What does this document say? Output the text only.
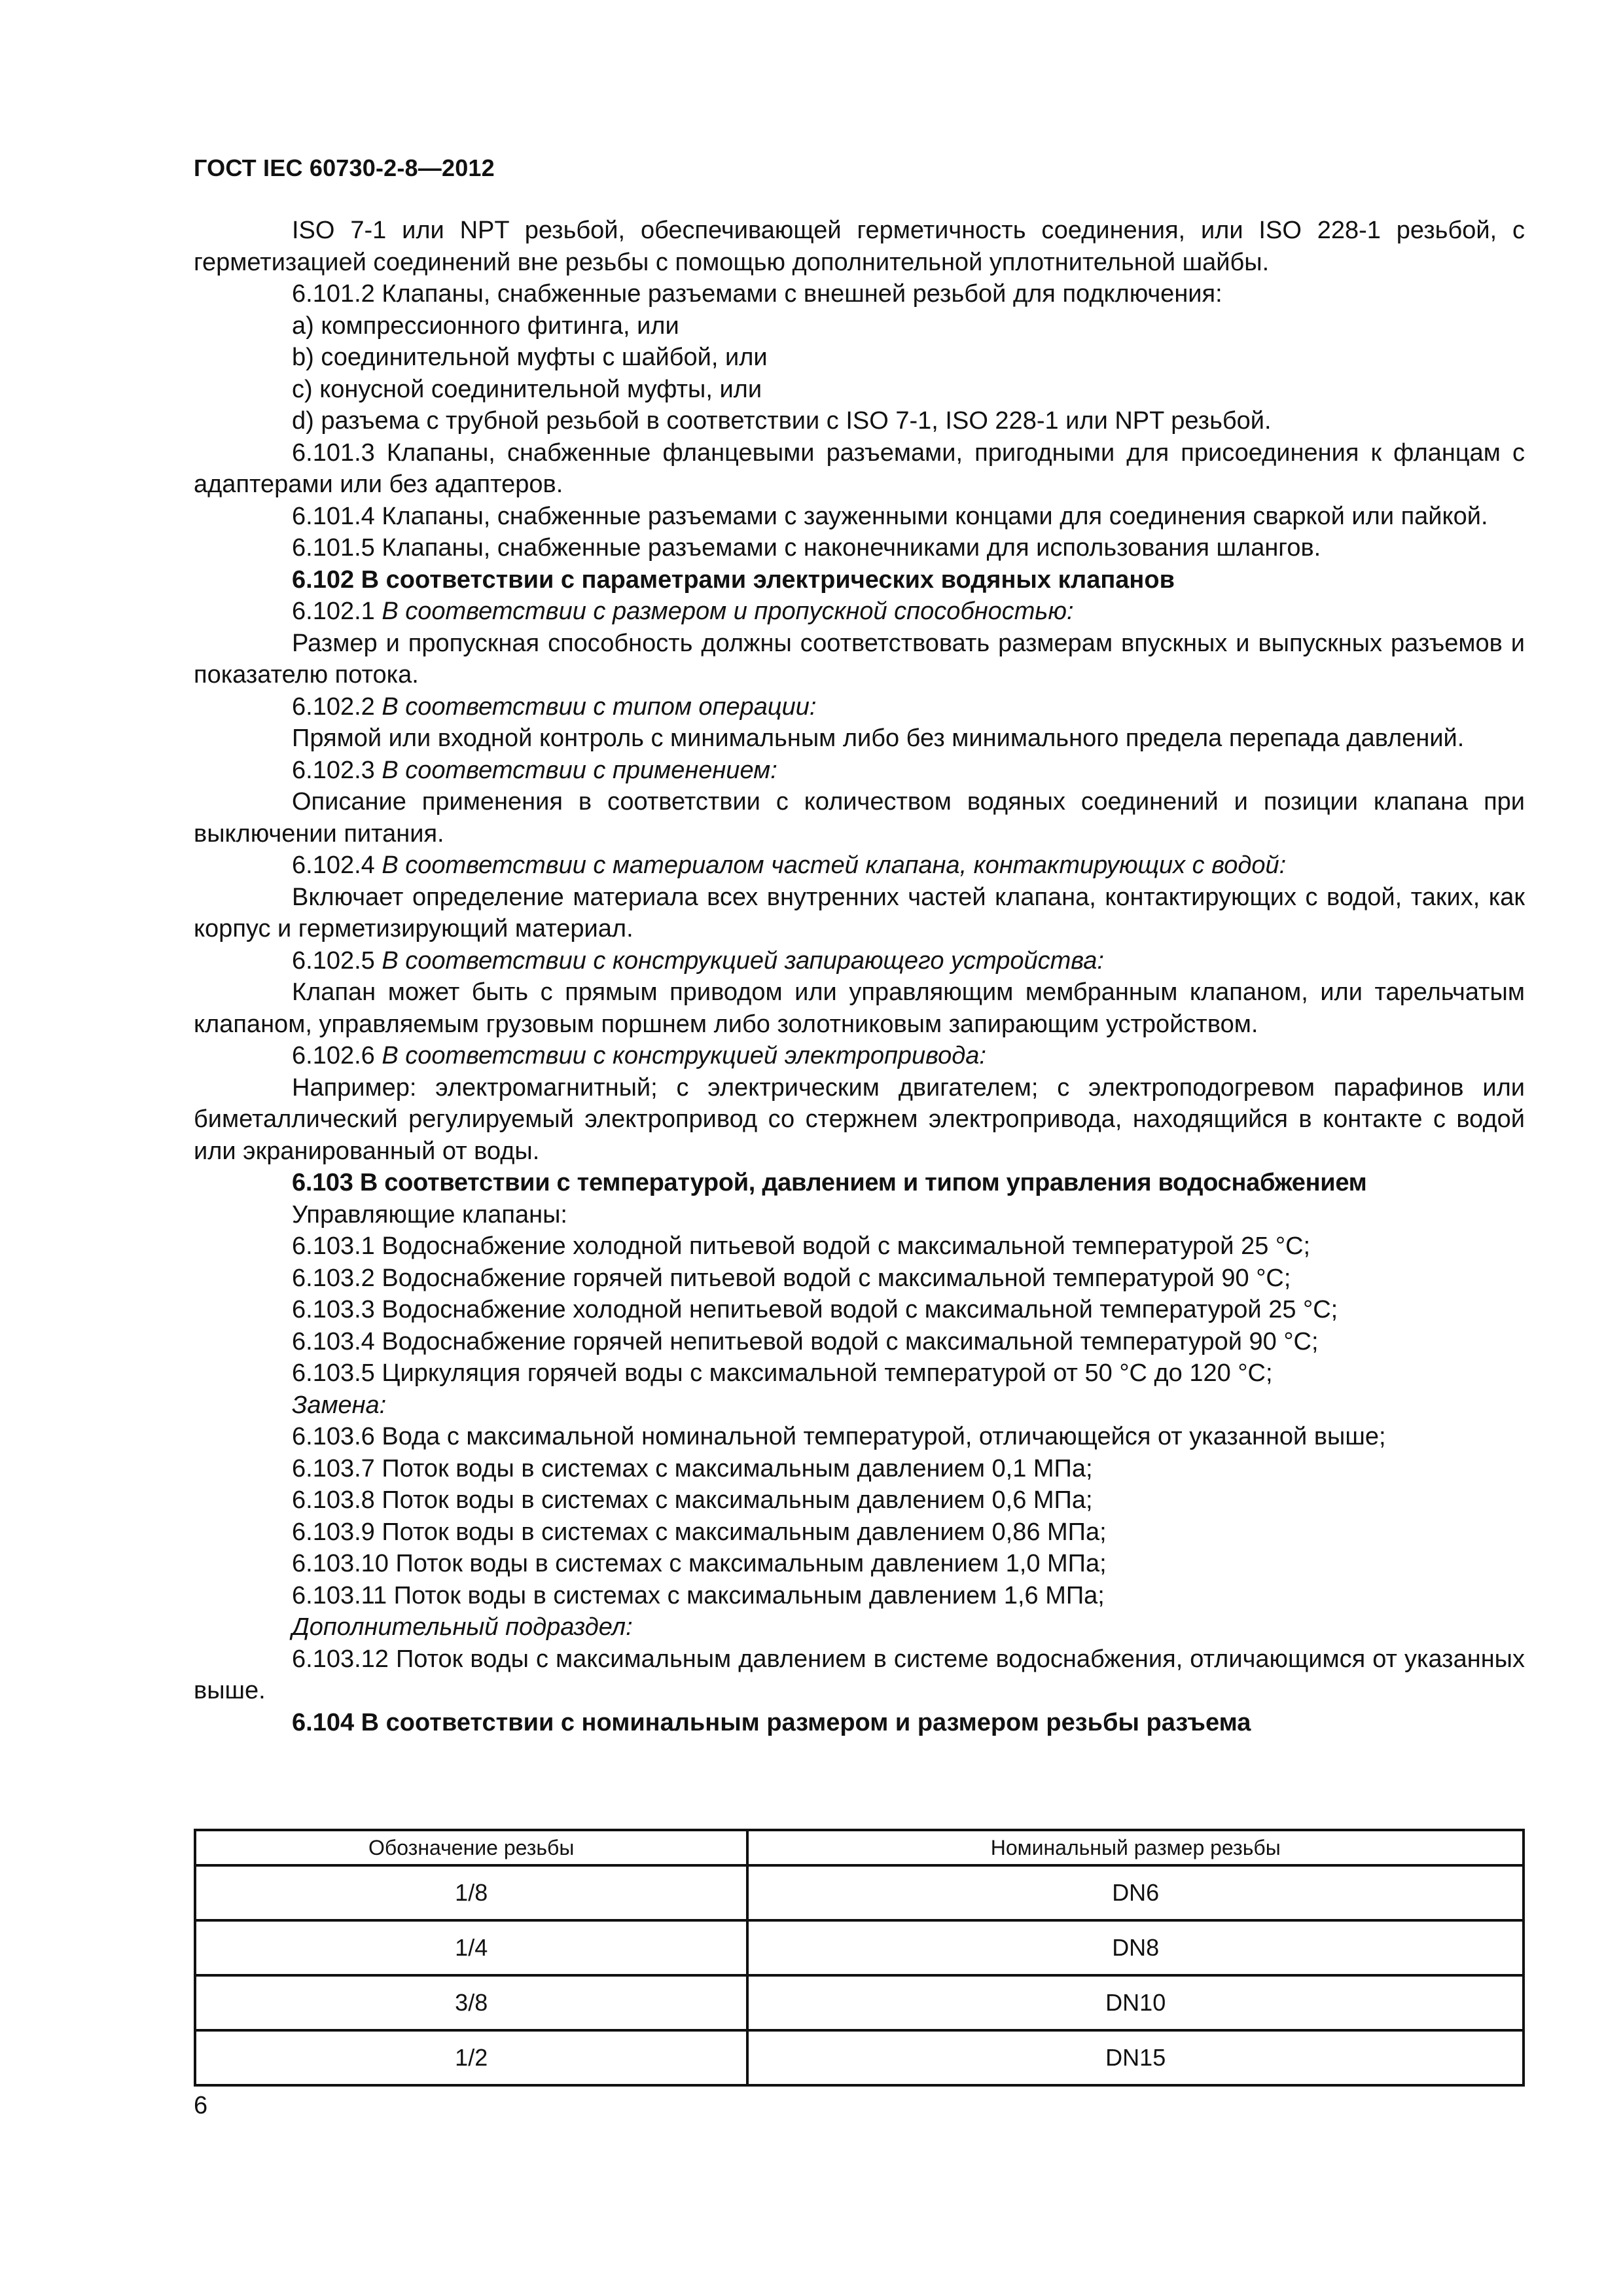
ГОСТ IEC 60730-2-8—2012

ISO 7-1 или NPT резьбой, обеспечивающей герметичность соединения, или ISO 228-1 резьбой, с герметизацией соединений вне резьбы с помощью дополнительной уплотнительной шайбы.

6.101.2 Клапаны, снабженные разъемами с внешней резьбой для подключения:

а) компрессионного фитинга, или

b) соединительной муфты с шайбой, или

c) конусной соединительной муфты, или

d) разъема с трубной резьбой в соответствии с ISO 7-1, ISO 228-1 или NPT резьбой.

6.101.3 Клапаны, снабженные фланцевыми разъемами, пригодными для присоединения к фланцам с адаптерами или без адаптеров.

6.101.4 Клапаны, снабженные разъемами с зауженными концами для соединения сваркой или пайкой.

6.101.5 Клапаны, снабженные разъемами с наконечниками для использования шлангов.

6.102 В соответствии с параметрами электрических водяных клапанов

6.102.1 В соответствии с размером и пропускной способностью:

Размер и пропускная способность должны соответствовать размерам впускных и выпускных разъемов и показателю потока.

6.102.2 В соответствии с типом операции:

Прямой или входной контроль с минимальным либо без минимального предела перепада давлений.

6.102.3 В соответствии с применением:

Описание применения в соответствии с количеством водяных соединений и позиции клапана при выключении питания.

6.102.4 В соответствии с материалом частей клапана, контактирующих с водой:

Включает определение материала всех внутренних частей клапана, контактирующих с водой, таких, как корпус и герметизирующий материал.

6.102.5 В соответствии с конструкцией запирающего устройства:

Клапан может быть с прямым приводом или управляющим мембранным клапаном, или тарельчатым клапаном, управляемым грузовым поршнем либо золотниковым запирающим устройством.

6.102.6 В соответствии с конструкцией электропривода:

Например: электромагнитный; с электрическим двигателем; с электроподогревом парафинов или биметаллический регулируемый электропривод со стержнем электропривода, находящийся в контакте с водой или экранированный от воды.

6.103 В соответствии с температурой, давлением и типом управления водоснабжением

Управляющие клапаны:

6.103.1 Водоснабжение холодной питьевой водой с максимальной температурой 25 °С;

6.103.2 Водоснабжение горячей питьевой водой с максимальной температурой 90 °С;

6.103.3 Водоснабжение холодной непитьевой водой с максимальной температурой 25 °С;

6.103.4 Водоснабжение горячей непитьевой водой с максимальной температурой 90 °С;

6.103.5 Циркуляция горячей воды с максимальной температурой от 50 °С до 120 °С;

Замена:

6.103.6 Вода с максимальной номинальной температурой, отличающейся от указанной выше;

6.103.7 Поток воды в системах с максимальным давлением 0,1 МПа;

6.103.8 Поток воды в системах с максимальным давлением 0,6 МПа;

6.103.9 Поток воды в системах с максимальным давлением 0,86 МПа;

6.103.10 Поток воды в системах с максимальным давлением 1,0 МПа;

6.103.11 Поток воды в системах с максимальным давлением 1,6 МПа;

Дополнительный подраздел:

6.103.12 Поток воды с максимальным давлением в системе водоснабжения, отличающимся от указанных выше.

6.104 В соответствии с номинальным размером и размером резьбы разъема

Обозначение резьбы	Номинальный размер резьбы
1/8	DN6
1/4	DN8
3/8	DN10
1/2	DN15
6
